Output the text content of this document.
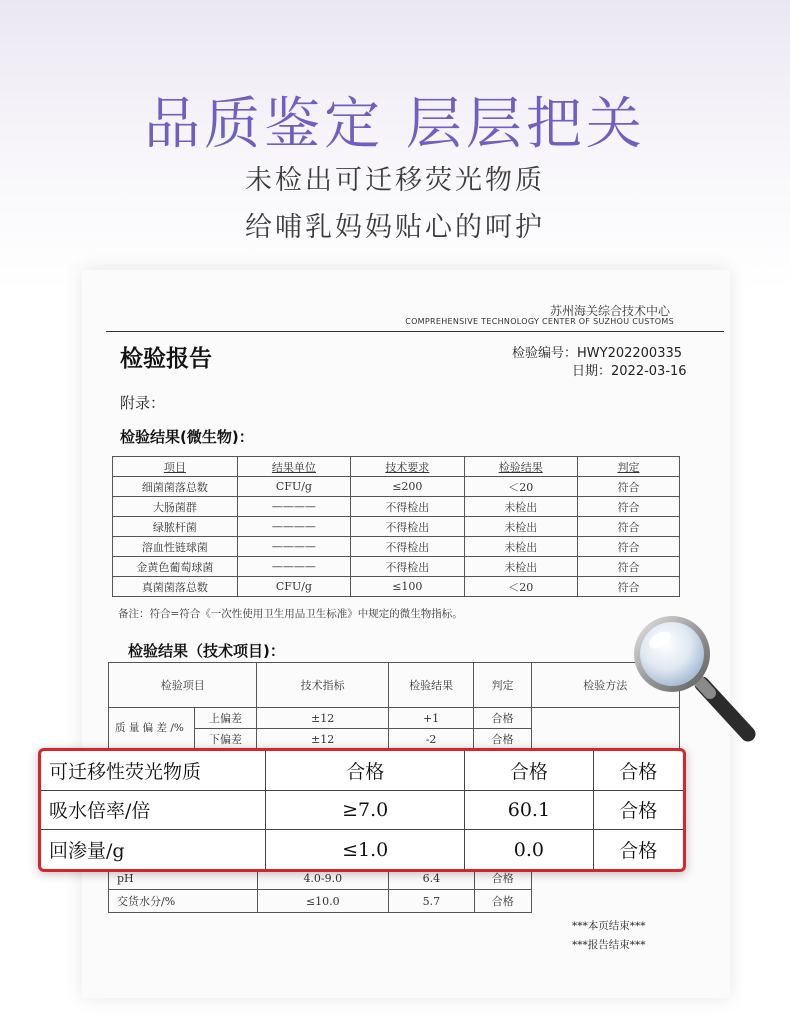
品质鉴定 层层把关
未检出可迁移荧光物质
给哺乳妈妈贴心的呵护
苏州海关综合技术中心
COMPREHENSIVE TECHNOLOGY CENTER OF SUZHOU CUSTOMS
检验报告	检验编号：HWY202200335
日期：2022-03-16
附录：
检验结果(微生物)：
项目	结果单位	技术要求	检验结果	判定
细菌菌落总数	CFU/g	≤200	＜20	符合
大肠菌群	————	不得检出	未检出	符合
绿脓杆菌	————	不得检出	未检出	符合
溶血性链球菌	————	不得检出	未检出	符合
金黄色葡萄球菌	————	不得检出	未检出	符合
真菌菌落总数	CFU/g	≤100	＜20	符合
备注：符合=符合《一次性使用卫生用品卫生标准》中规定的微生物指标。
检验结果（技术项目)：
检验项目		技术指标	检验结果	判定	检验方法
质 量 偏 差 /%	上偏差	±12	+1	合格	
	下偏差	±12	-2	合格	
pH	4.0-9.0	6.4	合格	
交货水分/%	≤10.0	5.7	合格	
***本页结束***
***报告结束***
可迁移性荧光物质	合格	合格	合格
吸水倍率/倍	≥7.0	60.1	合格
回渗量/g	≤1.0	0.0	合格
